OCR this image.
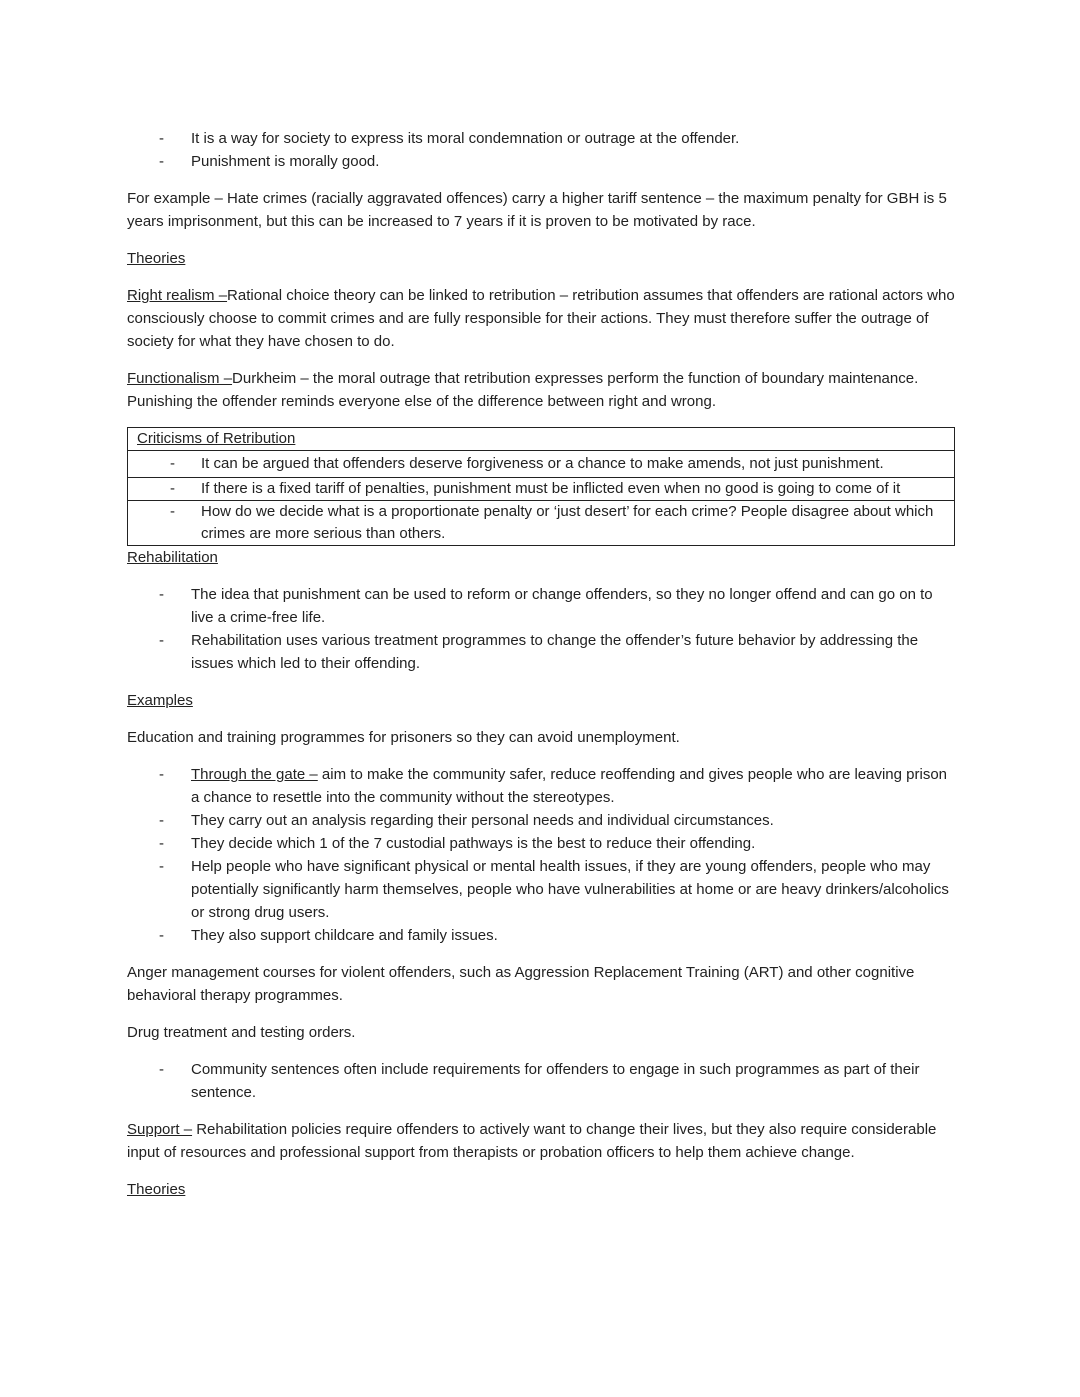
- It is a way for society to express its moral condemnation or outrage at the offender.
- Punishment is morally good.

For example – Hate crimes (racially aggravated offences) carry a higher tariff sentence – the maximum penalty for GBH is 5 years imprisonment, but this can be increased to 7 years if it is proven to be motivated by race.

Theories

Right realism –Rational choice theory can be linked to retribution – retribution assumes that offenders are rational actors who consciously choose to commit crimes and are fully responsible for their actions. They must therefore suffer the outrage of society for what they have chosen to do.

Functionalism –Durkheim – the moral outrage that retribution expresses perform the function of boundary maintenance. Punishing the offender reminds everyone else of the difference between right and wrong.

Criticisms of Retribution

- It can be argued that offenders deserve forgiveness or a chance to make amends, not just punishment.

- If there is a fixed tariff of penalties, punishment must be inflicted even when no good is going to come of it

- How do we decide what is a proportionate penalty or ‘just desert’ for each crime? People disagree about which crimes are more serious than others.

Rehabilitation

- The idea that punishment can be used to reform or change offenders, so they no longer offend and can go on to live a crime-free life.
- Rehabilitation uses various treatment programmes to change the offender’s future behavior by addressing the issues which led to their offending.

Examples

Education and training programmes for prisoners so they can avoid unemployment.

- Through the gate – aim to make the community safer, reduce reoffending and gives people who are leaving prison a chance to resettle into the community without the stereotypes.
- They carry out an analysis regarding their personal needs and individual circumstances.
- They decide which 1 of the 7 custodial pathways is the best to reduce their offending.
- Help people who have significant physical or mental health issues, if they are young offenders, people who may potentially significantly harm themselves, people who have vulnerabilities at home or are heavy drinkers/alcoholics or strong drug users.
- They also support childcare and family issues.

Anger management courses for violent offenders, such as Aggression Replacement Training (ART) and other cognitive behavioral therapy programmes.

Drug treatment and testing orders.

- Community sentences often include requirements for offenders to engage in such programmes as part of their sentence.

Support – Rehabilitation policies require offenders to actively want to change their lives, but they also require considerable input of resources and professional support from therapists or probation officers to help them achieve change.

Theories
